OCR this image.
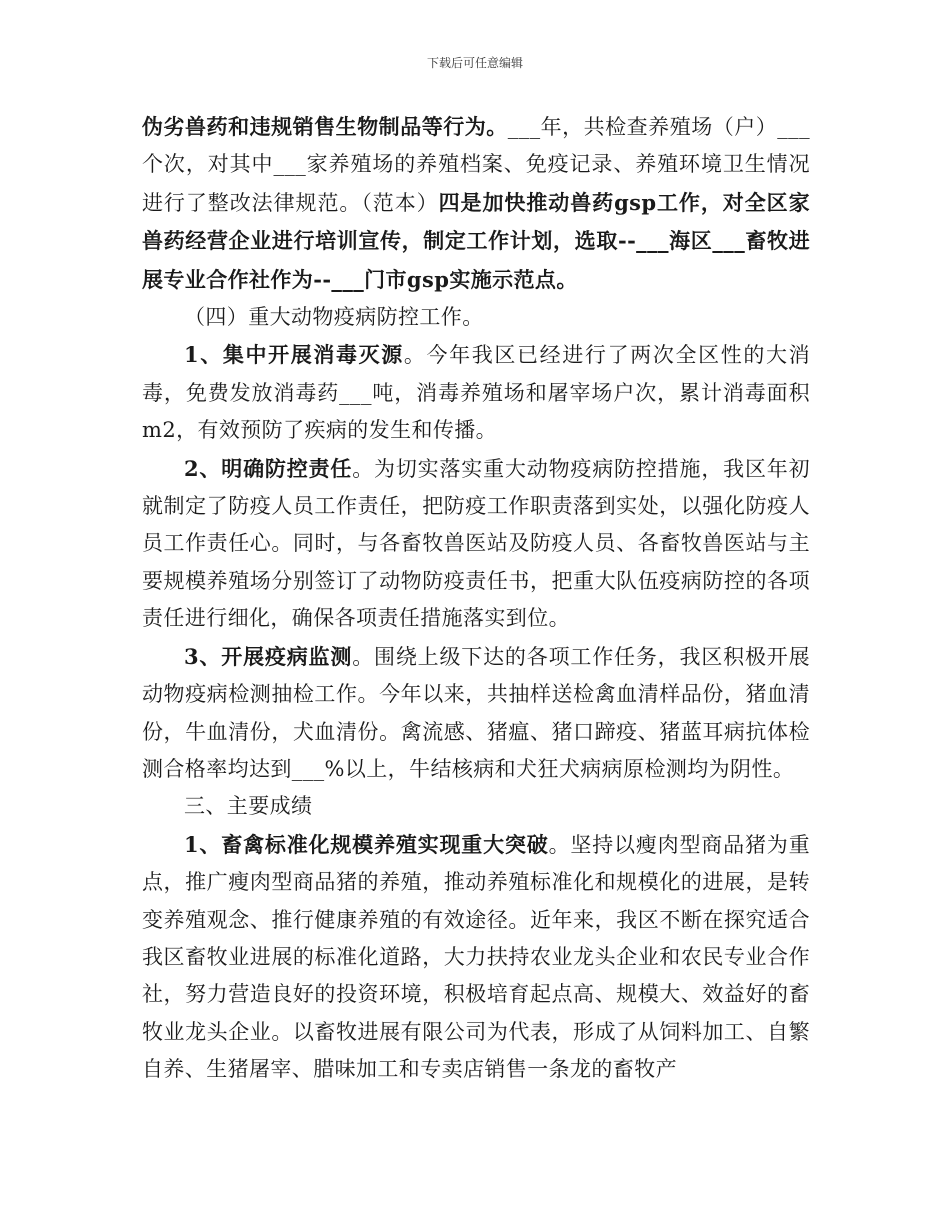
下载后可任意编辑

伪劣兽药和违规销售生物制品等行为。___年，共检查养殖场（户）___个次，对其中___家养殖场的养殖档案、免疫记录、养殖环境卫生情况进行了整改法律规范。（范本）四是加快推动兽药gsp工作，对全区家兽药经营企业进行培训宣传，制定工作计划，选取--___海区___畜牧进展专业合作社作为--___门市gsp实施示范点。

（四）重大动物疫病防控工作。

1、集中开展消毒灭源。今年我区已经进行了两次全区性的大消毒，免费发放消毒药___吨，消毒养殖场和屠宰场户次，累计消毒面积m2，有效预防了疾病的发生和传播。

2、明确防控责任。为切实落实重大动物疫病防控措施，我区年初就制定了防疫人员工作责任，把防疫工作职责落到实处，以强化防疫人员工作责任心。同时，与各畜牧兽医站及防疫人员、各畜牧兽医站与主要规模养殖场分别签订了动物防疫责任书，把重大队伍疫病防控的各项责任进行细化，确保各项责任措施落实到位。

3、开展疫病监测。围绕上级下达的各项工作任务，我区积极开展动物疫病检测抽检工作。今年以来，共抽样送检禽血清样品份，猪血清份，牛血清份，犬血清份。禽流感、猪瘟、猪口蹄疫、猪蓝耳病抗体检测合格率均达到___%以上，牛结核病和犬狂犬病病原检测均为阴性。

三、主要成绩

1、畜禽标准化规模养殖实现重大突破。坚持以瘦肉型商品猪为重点，推广瘦肉型商品猪的养殖，推动养殖标准化和规模化的进展，是转变养殖观念、推行健康养殖的有效途径。近年来，我区不断在探究适合我区畜牧业进展的标准化道路，大力扶持农业龙头企业和农民专业合作社，努力营造良好的投资环境，积极培育起点高、规模大、效益好的畜牧业龙头企业。以畜牧进展有限公司为代表，形成了从饲料加工、自繁自养、生猪屠宰、腊味加工和专卖店销售一条龙的畜牧产
